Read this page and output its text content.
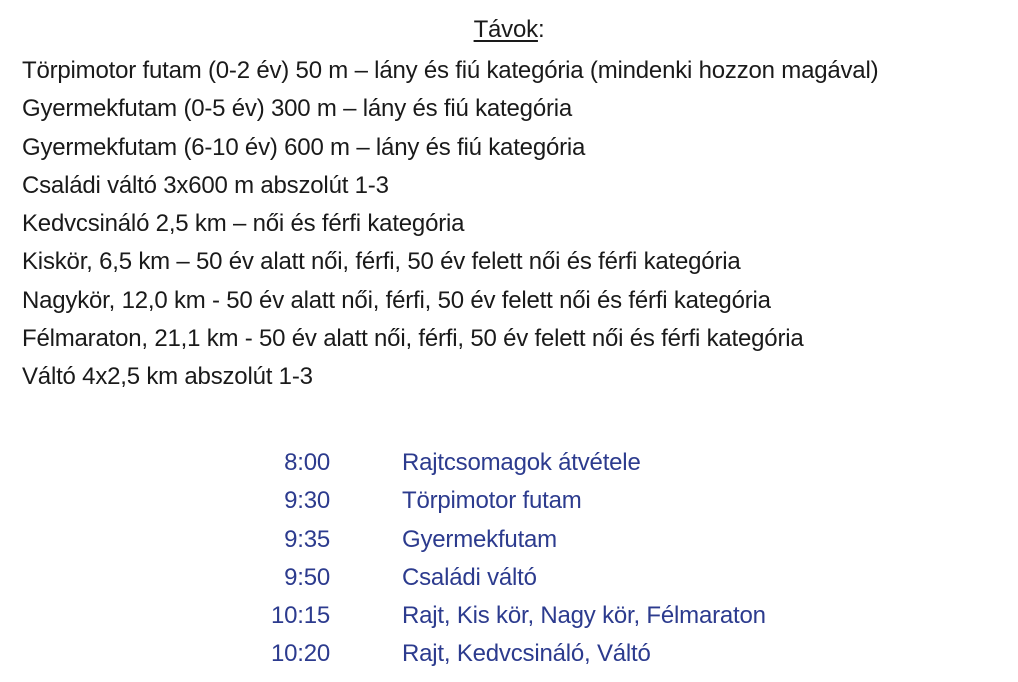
Távok:
Törpimotor futam (0-2 év) 50 m – lány és fiú kategória (mindenki hozzon magával)
Gyermekfutam (0-5 év) 300 m – lány és fiú kategória
Gyermekfutam (6-10 év) 600 m – lány és fiú kategória
Családi váltó 3x600 m abszolút 1-3
Kedvcsináló 2,5 km – női és férfi kategória
Kiskör, 6,5 km – 50 év alatt női, férfi, 50 év felett női és férfi kategória
Nagykör, 12,0 km - 50 év alatt női, férfi, 50 év felett női és férfi kategória
Félmaraton, 21,1 km - 50 év alatt női, férfi, 50 év felett női és férfi kategória
Váltó 4x2,5 km abszolút 1-3
8:00	Rajtcsomagok átvétele
9:30	Törpimotor futam
9:35	Gyermekfutam
9:50	Családi váltó
10:15	Rajt, Kis kör, Nagy kör, Félmaraton
10:20	Rajt, Kedvcsináló, Váltó
